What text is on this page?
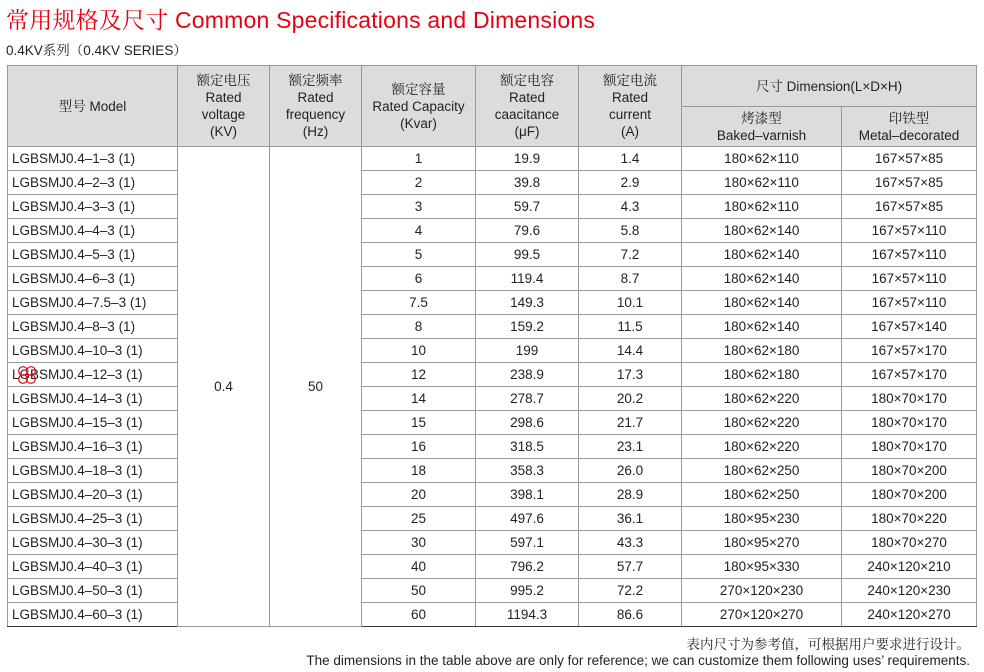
常用规格及尺寸 Common Specifications and Dimensions
0.4KV系列（0.4KV SERIES）
型号 Model	额定电压
Rated
voltage
(KV)	额定频率
Rated
frequency
(Hz)	额定容量
Rated Capacity
(Kvar)	额定电容
Rated
caacitance
(μF)	额定电流
Rated
current
(A)	尺寸 Dimension(L×D×H)	

						烤漆型
Baked–varnish	印铁型
Metal–decorated

LGBSMJ0.4–1–3 (1)	0.4	50	1	19.9	1.4	180×62×110	167×57×85
LGBSMJ0.4–2–3 (1)			2	39.8	2.9	180×62×110	167×57×85
LGBSMJ0.4–3–3 (1)			3	59.7	4.3	180×62×110	167×57×85
LGBSMJ0.4–4–3 (1)			4	79.6	5.8	180×62×140	167×57×110
LGBSMJ0.4–5–3 (1)			5	99.5	7.2	180×62×140	167×57×110
LGBSMJ0.4–6–3 (1)			6	119.4	8.7	180×62×140	167×57×110
LGBSMJ0.4–7.5–3 (1)			7.5	149.3	10.1	180×62×140	167×57×110
LGBSMJ0.4–8–3 (1)			8	159.2	11.5	180×62×140	167×57×140
LGBSMJ0.4–10–3 (1)			10	199	14.4	180×62×180	167×57×170
LGBSMJ0.4–12–3 (1)			12	238.9	17.3	180×62×180	167×57×170
LGBSMJ0.4–14–3 (1)			14	278.7	20.2	180×62×220	180×70×170
LGBSMJ0.4–15–3 (1)			15	298.6	21.7	180×62×220	180×70×170
LGBSMJ0.4–16–3 (1)			16	318.5	23.1	180×62×220	180×70×170
LGBSMJ0.4–18–3 (1)			18	358.3	26.0	180×62×250	180×70×200
LGBSMJ0.4–20–3 (1)			20	398.1	28.9	180×62×250	180×70×200
LGBSMJ0.4–25–3 (1)			25	497.6	36.1	180×95×230	180×70×220
LGBSMJ0.4–30–3 (1)			30	597.1	43.3	180×95×270	180×70×270
LGBSMJ0.4–40–3 (1)			40	796.2	57.7	180×95×330	240×120×210
LGBSMJ0.4–50–3 (1)			50	995.2	72.2	270×120×230	240×120×230
LGBSMJ0.4–60–3 (1)			60	1194.3	86.6	270×120×270	240×120×270
表内尺寸为参考值，可根据用户要求进行设计。
The dimensions in the table above are only for reference; we can customize them following uses’ requirements.
